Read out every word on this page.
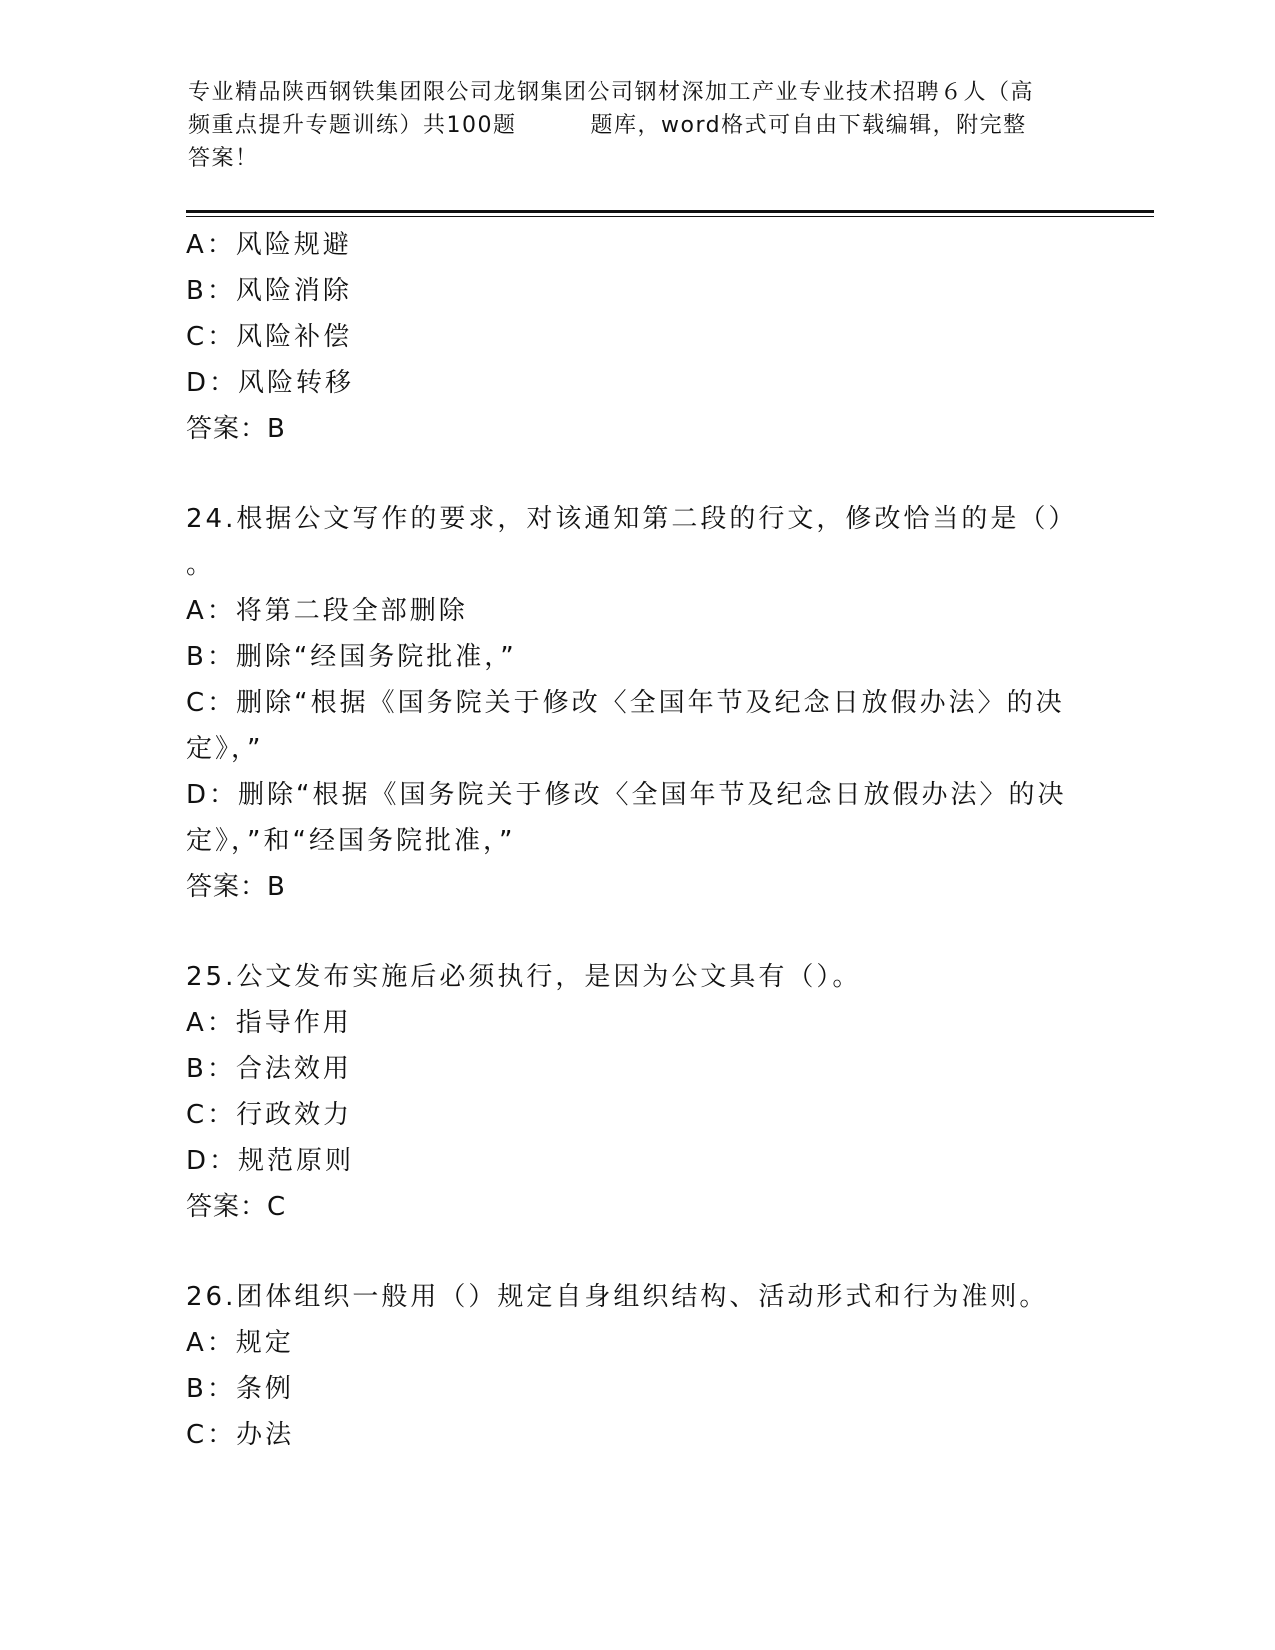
专业精品陕西钢铁集团限公司龙钢集团公司钢材深加工产业专业技术招聘６人（高
频重点提升专题训练）共100题	题库，word格式可自由下载编辑，附完整
答案！
A：风险规避
B：风险消除
C：风险补偿
D：风险转移
答案：B
24.根据公文写作的要求，对该通知第二段的行文，修改恰当的是（）
。
A：将第二段全部删除
B：删除“经国务院批准，”
C：删除“根据《国务院关于修改〈全国年节及纪念日放假办法〉的决
定》，”
D：删除“根据《国务院关于修改〈全国年节及纪念日放假办法〉的决
定》，”和“经国务院批准，”
答案：B
25.公文发布实施后必须执行，是因为公文具有（）。
A：指导作用
B：合法效用
C：行政效力
D：规范原则
答案：C
26.团体组织一般用（）规定自身组织结构、活动形式和行为准则。
A：规定
B：条例
C：办法
